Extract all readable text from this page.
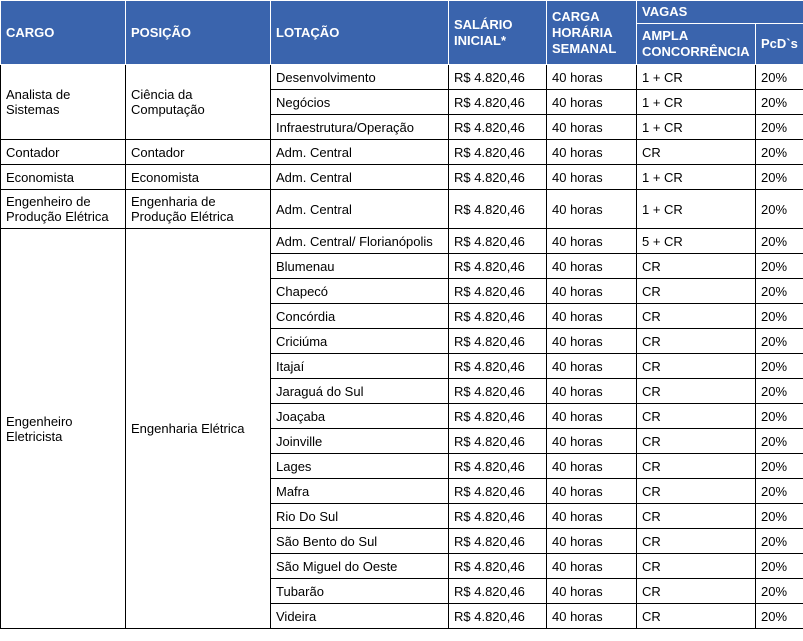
CARGO	POSIÇÃO	LOTAÇÃO	SALÁRIO INICIAL*	CARGA HORÁRIA SEMANAL	VAGAS	
					AMPLA CONCORRÊNCIA	PcD`s
Analista de Sistemas	Ciência da Computação	Desenvolvimento	R$ 4.820,46	40 horas	1 + CR	20%
		Negócios	R$ 4.820,46	40 horas	1 + CR	20%
		Infraestrutura/Operação	R$ 4.820,46	40 horas	1 + CR	20%
Contador	Contador	Adm. Central	R$ 4.820,46	40 horas	CR	20%
Economista	Economista	Adm. Central	R$ 4.820,46	40 horas	1 + CR	20%
Engenheiro de Produção Elétrica	Engenharia de Produção Elétrica	Adm. Central	R$ 4.820,46	40 horas	1 + CR	20%
Engenheiro Eletricista	Engenharia Elétrica	Adm. Central/ Florianópolis	R$ 4.820,46	40 horas	5 + CR	20%
		Blumenau	R$ 4.820,46	40 horas	CR	20%
		Chapecó	R$ 4.820,46	40 horas	CR	20%
		Concórdia	R$ 4.820,46	40 horas	CR	20%
		Criciúma	R$ 4.820,46	40 horas	CR	20%
		Itajaí	R$ 4.820,46	40 horas	CR	20%
		Jaraguá do Sul	R$ 4.820,46	40 horas	CR	20%
		Joaçaba	R$ 4.820,46	40 horas	CR	20%
		Joinville	R$ 4.820,46	40 horas	CR	20%
		Lages	R$ 4.820,46	40 horas	CR	20%
		Mafra	R$ 4.820,46	40 horas	CR	20%
		Rio Do Sul	R$ 4.820,46	40 horas	CR	20%
		São Bento do Sul	R$ 4.820,46	40 horas	CR	20%
		São Miguel do Oeste	R$ 4.820,46	40 horas	CR	20%
		Tubarão	R$ 4.820,46	40 horas	CR	20%
		Videira	R$ 4.820,46	40 horas	CR	20%
